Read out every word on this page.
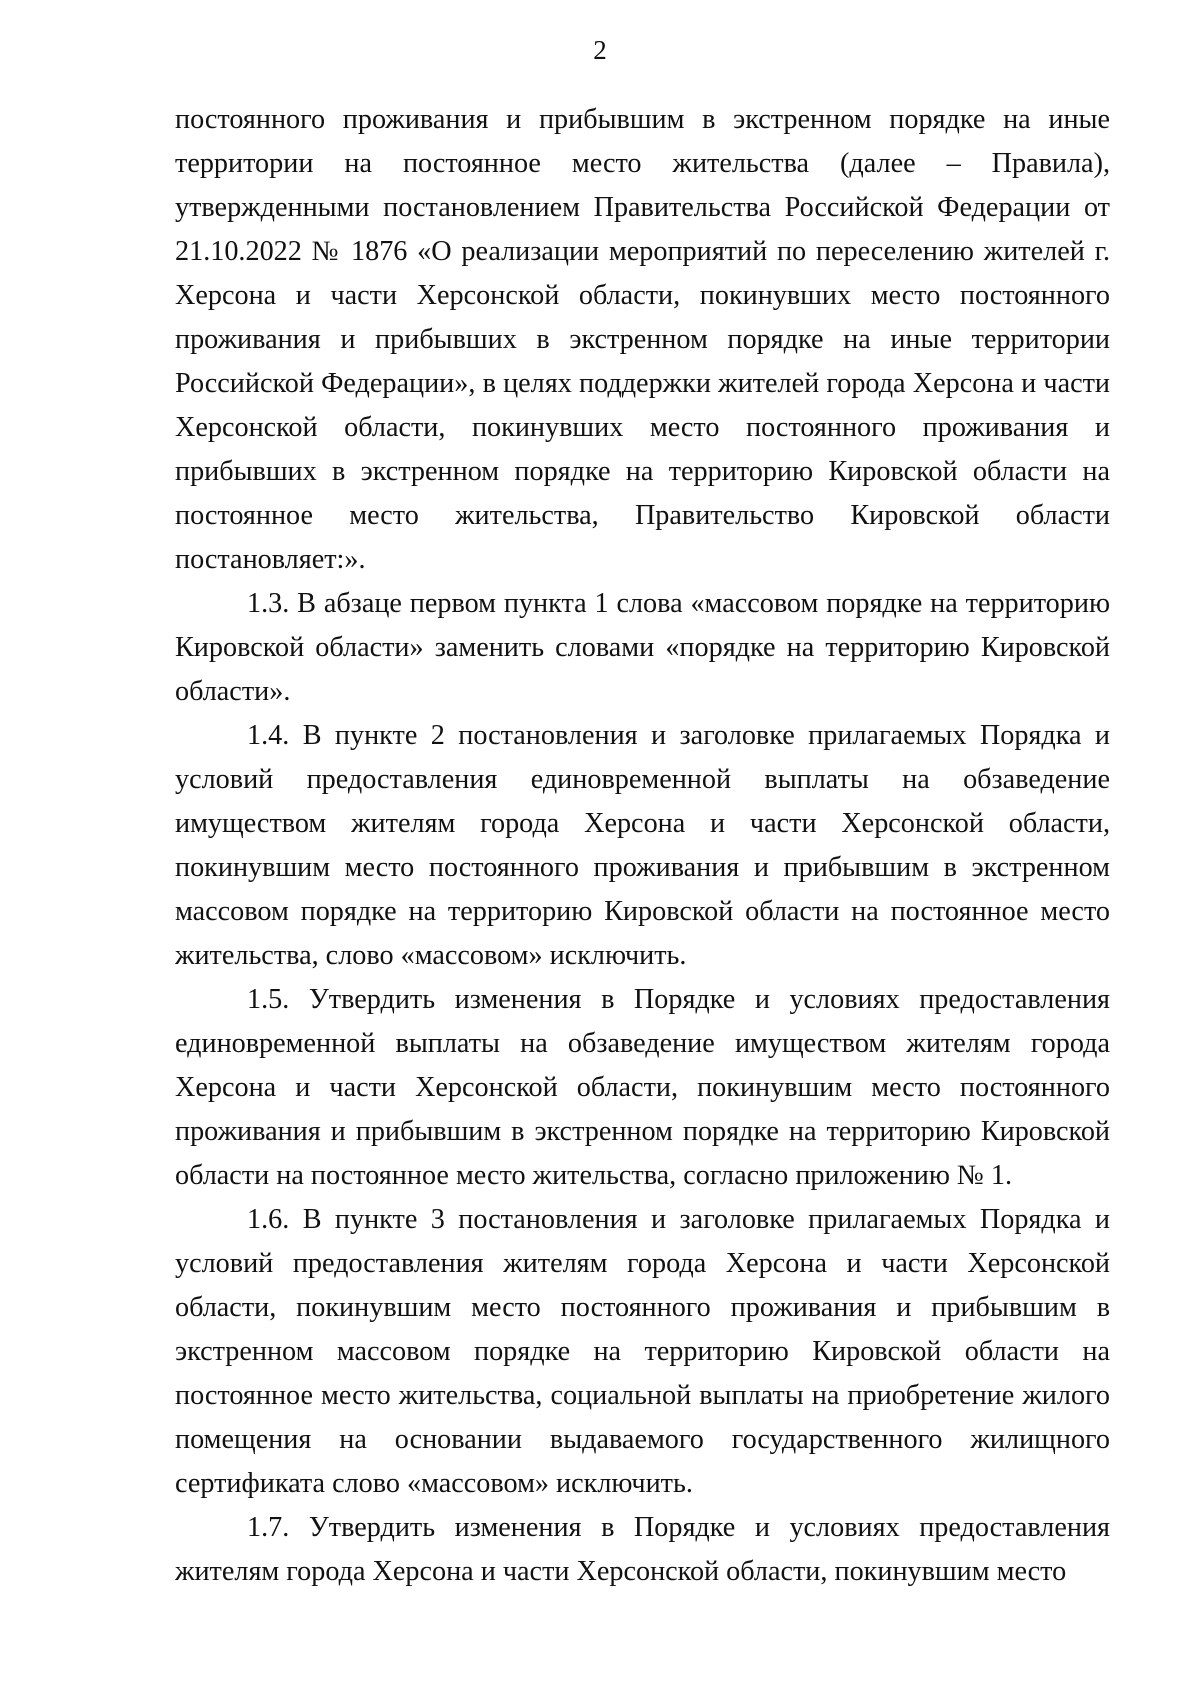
2

постоянного проживания и прибывшим в экстренном порядке на иные территории на постоянное место жительства (далее – Правила), утвержденными постановлением Правительства Российской Федерации от 21.10.2022 № 1876 «О реализации мероприятий по переселению жителей г. Херсона и части Херсонской области, покинувших место постоянного проживания и прибывших в экстренном порядке на иные территории Российской Федерации», в целях поддержки жителей города Херсона и части Херсонской области, покинувших место постоянного проживания и прибывших в экстренном порядке на территорию Кировской области на постоянное место жительства, Правительство Кировской области постановляет:».

1.3. В абзаце первом пункта 1 слова «массовом порядке на территорию Кировской области» заменить словами «порядке на территорию Кировской области».

1.4. В пункте 2 постановления и заголовке прилагаемых Порядка и условий предоставления единовременной выплаты на обзаведение имуществом жителям города Херсона и части Херсонской области, покинувшим место постоянного проживания и прибывшим в экстренном массовом порядке на территорию Кировской области на постоянное место жительства, слово «массовом» исключить.

1.5. Утвердить изменения в Порядке и условиях предоставления единовременной выплаты на обзаведение имуществом жителям города Херсона и части Херсонской области, покинувшим место постоянного проживания и прибывшим в экстренном порядке на территорию Кировской области на постоянное место жительства, согласно приложению № 1.

1.6. В пункте 3 постановления и заголовке прилагаемых Порядка и условий предоставления жителям города Херсона и части Херсонской области, покинувшим место постоянного проживания и прибывшим в экстренном массовом порядке на территорию Кировской области на постоянное место жительства, социальной выплаты на приобретение жилого помещения на основании выдаваемого государственного жилищного сертификата слово «массовом» исключить.

1.7. Утвердить изменения в Порядке и условиях предоставления жителям города Херсона и части Херсонской области, покинувшим место
